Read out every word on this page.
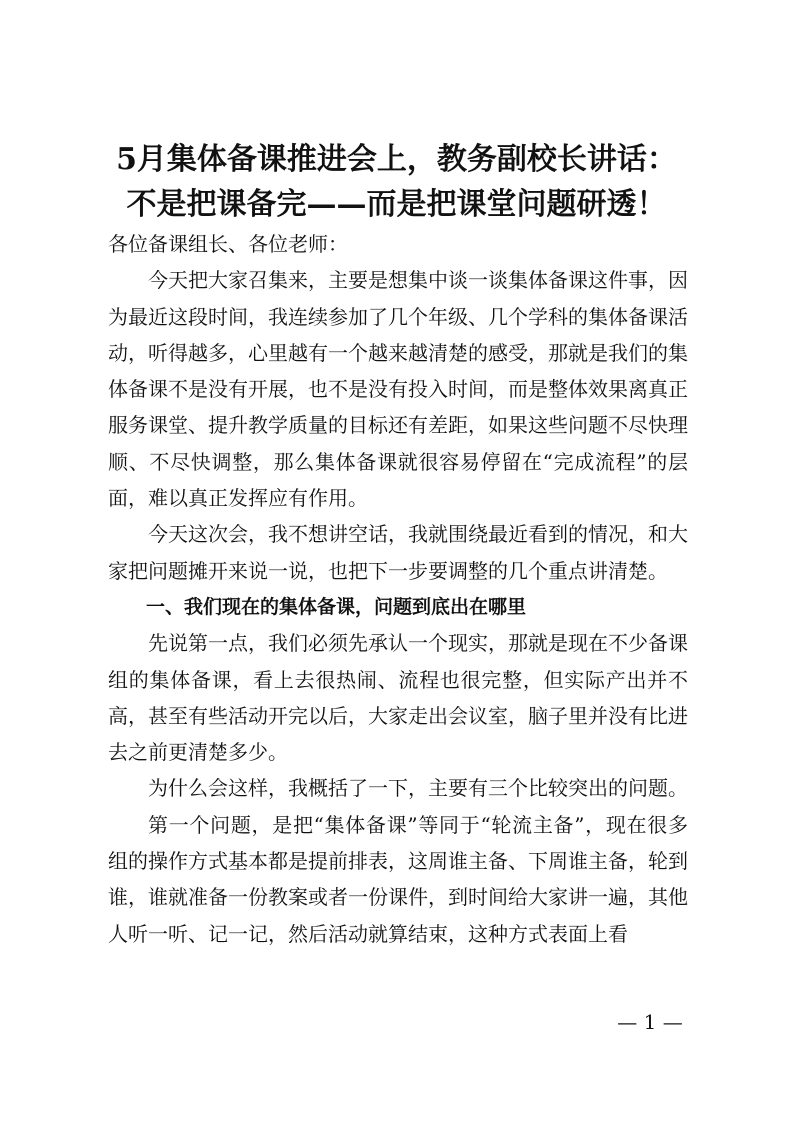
5月集体备课推进会上，教务副校长讲话：
不是把课备完——而是把课堂问题研透！

各位备课组长、各位老师：

今天把大家召集来，主要是想集中谈一谈集体备课这件事，因为最近这段时间，我连续参加了几个年级、几个学科的集体备课活动，听得越多，心里越有一个越来越清楚的感受，那就是我们的集体备课不是没有开展，也不是没有投入时间，而是整体效果离真正服务课堂、提升教学质量的目标还有差距，如果这些问题不尽快理顺、不尽快调整，那么集体备课就很容易停留在“完成流程”的层面，难以真正发挥应有作用。

今天这次会，我不想讲空话，我就围绕最近看到的情况，和大家把问题摊开来说一说，也把下一步要调整的几个重点讲清楚。

一、我们现在的集体备课，问题到底出在哪里

先说第一点，我们必须先承认一个现实，那就是现在不少备课组的集体备课，看上去很热闹、流程也很完整，但实际产出并不高，甚至有些活动开完以后，大家走出会议室，脑子里并没有比进去之前更清楚多少。

为什么会这样，我概括了一下，主要有三个比较突出的问题。

第一个问题，是把“集体备课”等同于“轮流主备”，现在很多组的操作方式基本都是提前排表，这周谁主备、下周谁主备，轮到谁，谁就准备一份教案或者一份课件，到时间给大家讲一遍，其他人听一听、记一记，然后活动就算结束，这种方式表面上看

— 1 —
